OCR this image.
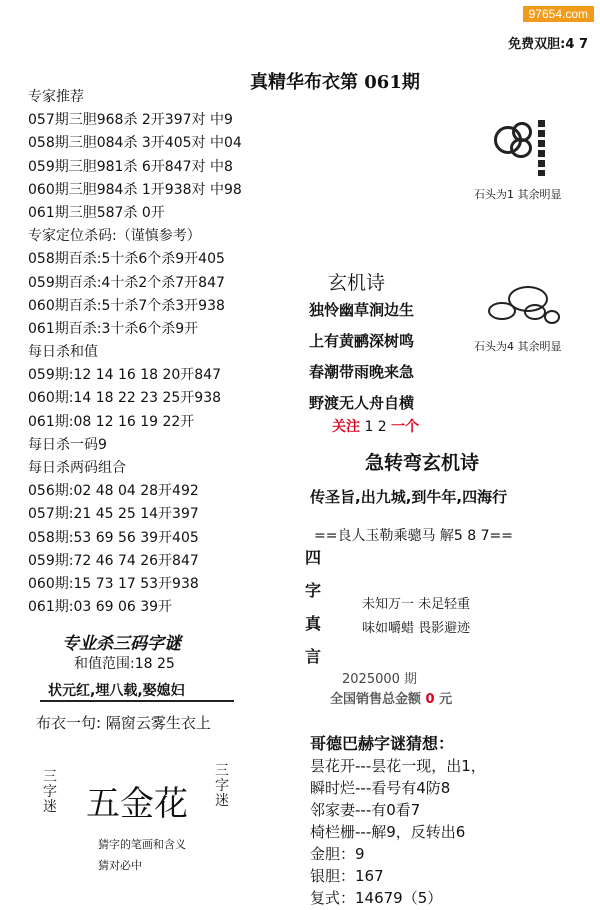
97654.com
免费双胆:4 7
真精华布衣第 061期
专家推荐
057期三胆968杀 2开397对 中9
058期三胆084杀 3开405对 中04
059期三胆981杀 6开847对 中8
060期三胆984杀 1开938对 中98
061期三胆587杀 0开
专家定位杀码:（谨慎参考）
058期百杀:5十杀6个杀9开405
059期百杀:4十杀2个杀7开847
060期百杀:5十杀7个杀3开938
061期百杀:3十杀6个杀9开
每日杀和值
059期:12 14 16 18 20开847
060期:14 18 22 23 25开938
061期:08 12 16 19 22开
每日杀一码9
每日杀两码组合
056期:02 48 04 28开492
057期:21 45 25 14开397
058期:53 69 56 39开405
059期:72 46 74 26开847
060期:15 73 17 53开938
061期:03 69 06 39开
石头为1 其余明显
石头为4 其余明显
玄机诗
独怜幽草涧边生
上有黄鹂深树鸣
春潮带雨晚来急
野渡无人舟自横
关注 1 2 一个
急转弯玄机诗
传圣旨,出九城,到牛年,四海行
==良人玉勒乘骢马 解5 8 7==
四
字
真
言
未知万一 未足轻重
味如嚼蜡 畏影避迹
2025000 期
全国销售总金额 0 元
哥德巴赫字谜猜想：
昙花开---昙花一现，出1，
瞬时烂---看号有4防8
邻家妻---有0看7
椅栏栅---解9，反转出6
金胆：9
银胆：167
复式：14679（5）
专业杀三码字谜
和值范围:18 25
状元红,埋八载,娶媳妇
布衣一句: 隔窗云雾生衣上
三
字
迷 五金花
三
字
迷
猜字的笔画和含义
猜对必中
